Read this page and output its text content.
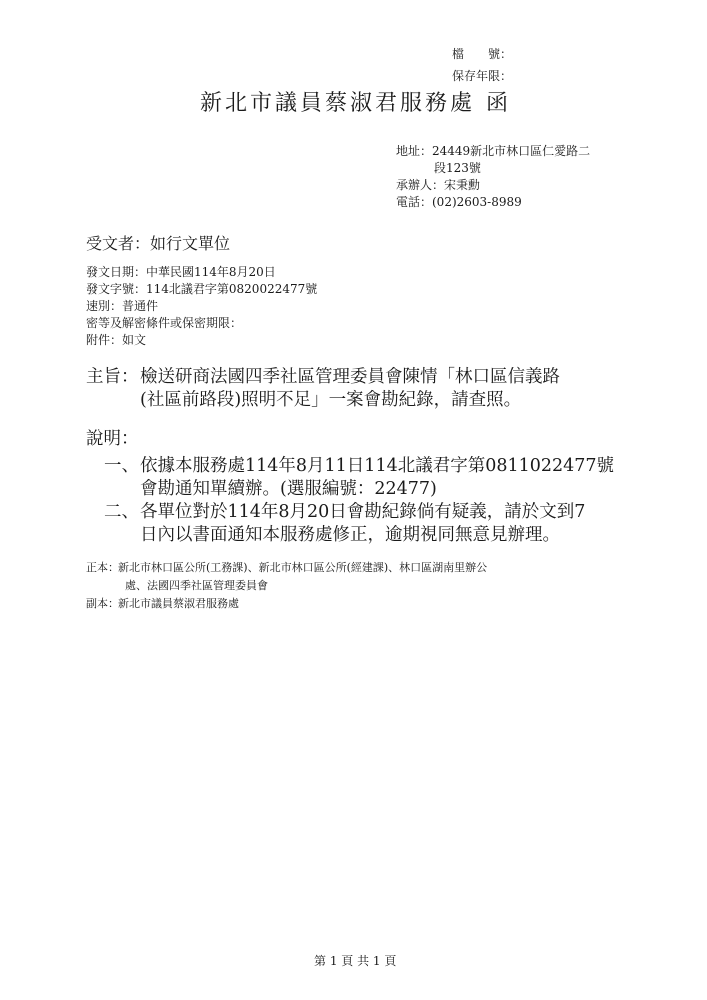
檔　　號：
保存年限：
新北市議員蔡淑君服務處 函
地址：24449新北市林口區仁愛路二
段123號
承辦人：宋秉勳
電話：(02)2603-8989
受文者：如行文單位
發文日期：中華民國114年8月20日
發文字號：114北議君字第0820022477號
速別：普通件
密等及解密條件或保密期限：
附件：如文
主旨： 檢送研商法國四季社區管理委員會陳情「林口區信義路
(社區前路段)照明不足」一案會勘紀錄，請查照。
說明：
一、 依據本服務處114年8月11日114北議君字第0811022477號
會勘通知單續辦。(選服編號：22477)
二、 各單位對於114年8月20日會勘紀錄倘有疑義，請於文到7
日內以書面通知本服務處修正，逾期視同無意見辦理。
正本： 新北市林口區公所(工務課)、新北市林口區公所(經建課)、林口區湖南里辦公
處、法國四季社區管理委員會
副本： 新北市議員蔡淑君服務處
第 1 頁 共 1 頁
